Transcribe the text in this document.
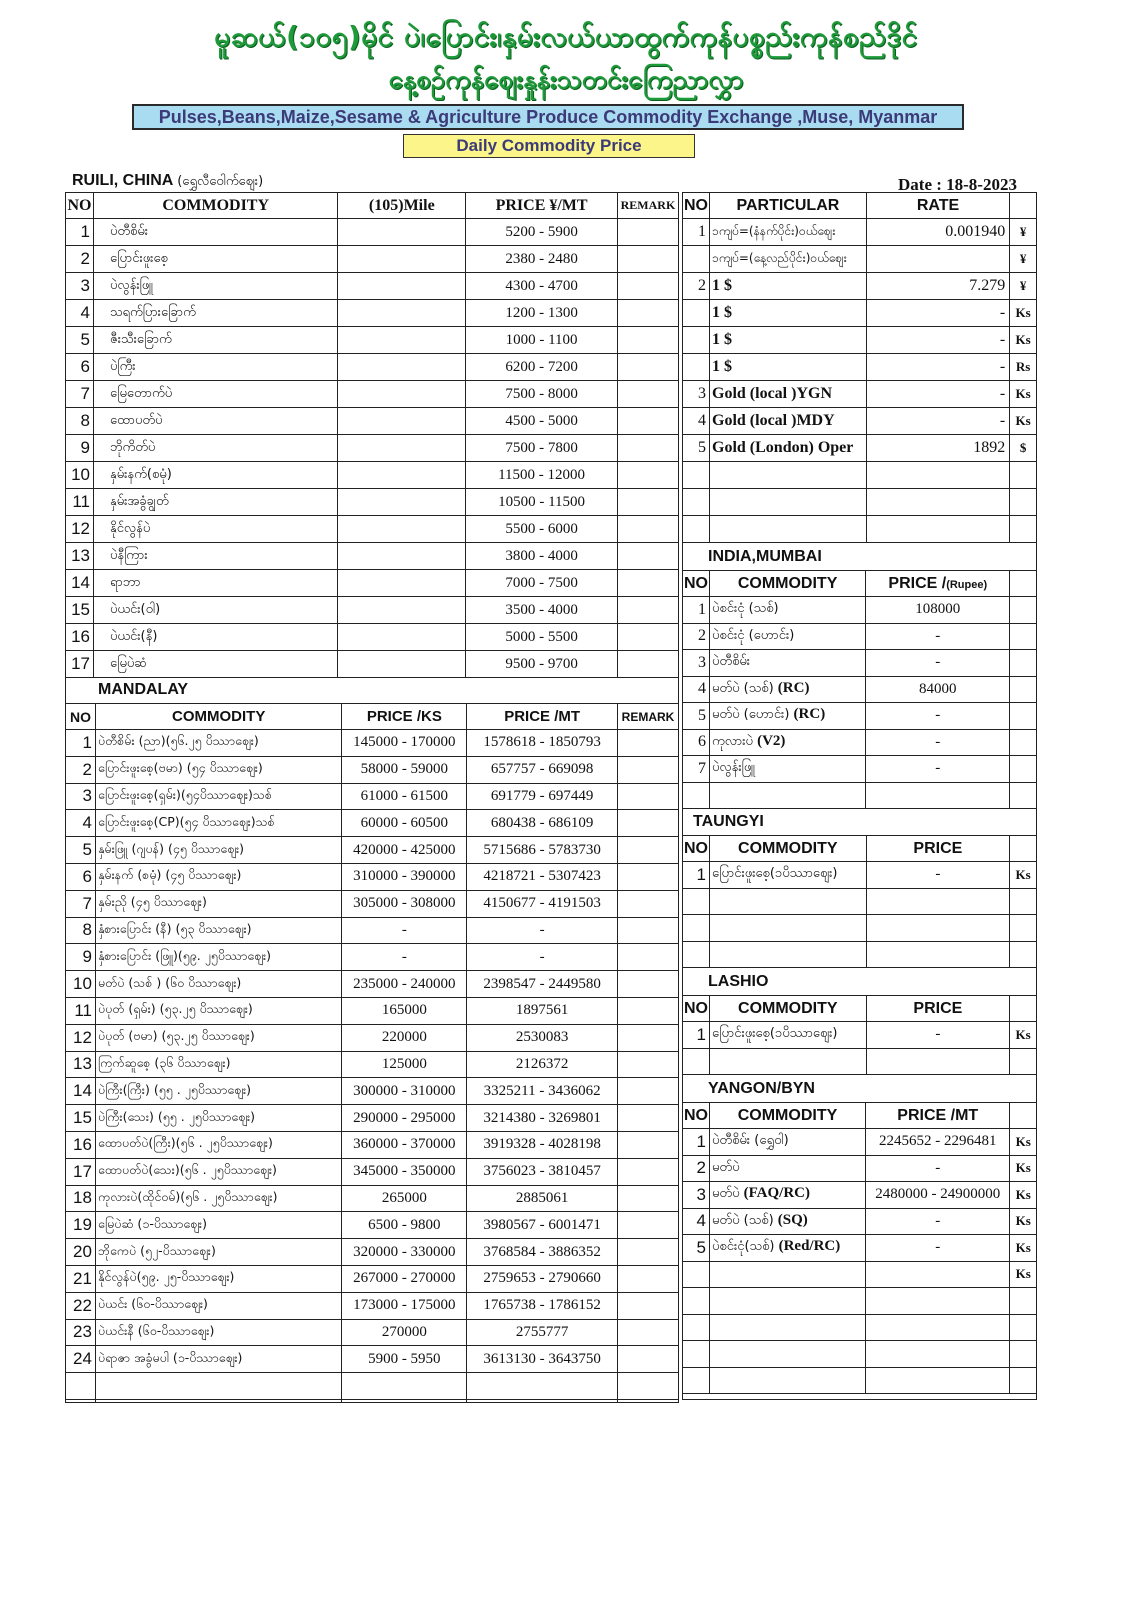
မူဆယ်(၁၀၅)မိုင် ပဲ၊ပြောင်း၊နှမ်းလယ်ယာထွက်ကုန်ပစ္စည်းကုန်စည်ဒိုင်
နေ့စဉ်ကုန်ဈေးနှုန်းသတင်းကြေညာလွှာ
Pulses,Beans,Maize,Sesame & Agriculture Produce Commodity Exchange ,Muse, Myanmar
Daily Commodity Price
RUILI, CHINA (ရွှေလီဝေါက်ဈေး)	Date : 18-8-2023
NO	COMMODITY	(105)Mile	PRICE ¥/MT	REMARK
1	ပဲတီစိမ်း		5200 - 5900	
2	ပြောင်းဖူးစေ့		2380 - 2480	
3	ပဲလွန်းဖြူ		4300 - 4700	
4	သရက်ပြားခြောက်		1200 - 1300	
5	ဇီးသီးခြောက်		1000 - 1100	
6	ပဲကြီး		6200 - 7200	
7	မြေတောက်ပဲ		7500 - 8000	
8	ထောပတ်ပဲ		4500 - 5000	
9	ဘိုကိတ်ပဲ		7500 - 7800	
10	နှမ်းနက်(စမုံ)		11500 - 12000	
11	နှမ်းအခွံချွတ်		10500 - 11500	
12	နိုင်လွန်ပဲ		5500 - 6000	
13	ပဲနီကြား		3800 - 4000	
14	ရာဘာ		7000 - 7500	
15	ပဲယင်း(ဝါ)		3500 - 4000	
16	ပဲယင်း(နီ)		5000 - 5500	
17	မြေပဲဆံ		9500 - 9700	
MANDALAY
NO	COMMODITY	PRICE /KS	PRICE /MT	REMARK
1	ပဲတီစိမ်း (ညာ)(၅၆.၂၅ ပိဿာဈေး)	145000 - 170000	1578618 - 1850793	
2	ပြောင်းဖူးစေ့(ဗမာ) (၅၄ ပိဿာဈေး)	58000 - 59000	657757 - 669098	
3	ပြောင်းဖူးစေ့(ရှမ်း)(၅၄ပိဿာဈေး)သစ်	61000 - 61500	691779 - 697449	
4	ပြောင်းဖူးစေ့(CP)(၅၄ ပိဿာဈေး)သစ်	60000 - 60500	680438 - 686109	
5	နှမ်းဖြူ (ဂျပန်) (၄၅ ပိဿာဈေး)	420000 - 425000	5715686 - 5783730	
6	နှမ်းနက် (စမုံ) (၄၅ ပိဿာဈေး)	310000 - 390000	4218721 - 5307423	
7	နှမ်းညို (၄၅ ပိဿာဈေး)	305000 - 308000	4150677 - 4191503	
8	နှံစားပြောင်း (နီ) (၅၃ ပိဿာဈေး)	-	-	
9	နှံစားပြောင်း (ဖြူ)(၅၉. ၂၅ပိဿာဈေး)	-	-	
10	မတ်ပဲ (သစ် ) (၆၀ ပိဿာဈေး)	235000 - 240000	2398547 - 2449580	
11	ပဲပုတ် (ရှမ်း) (၅၃.၂၅ ပိဿာဈေး)	165000	1897561	
12	ပဲပုတ် (ဗမာ) (၅၃.၂၅ ပိဿာဈေး)	220000	2530083	
13	ကြက်ဆူစေ့ (၃၆ ပိဿာဈေး)	125000	2126372	
14	ပဲကြီး(ကြီး) (၅၅ . ၂၅ပိဿာဈေး)	300000 - 310000	3325211 - 3436062	
15	ပဲကြီး(သေး) (၅၅ . ၂၅ပိဿာဈေး)	290000 - 295000	3214380 - 3269801	
16	ထောပတ်ပဲ(ကြီး)(၅၆ . ၂၅ပိဿာဈေး)	360000 - 370000	3919328 - 4028198	
17	ထောပတ်ပဲ(သေး)(၅၆ . ၂၅ပိဿာဈေး)	345000 - 350000	3756023 - 3810457	
18	ကုလားပဲ(ထိုင်ဝမ်)(၅၆ . ၂၅ပိဿာဈေး)	265000	2885061	
19	မြေပဲဆံ (၁-ပိဿာဈေး)	6500 - 9800	3980567 - 6001471	
20	ဘိုကေပဲ (၅၂-ပိဿာဈေး)	320000 - 330000	3768584 - 3886352	
21	နိုင်လွန်ပဲ(၅၉. ၂၅-ပိဿာဈေး)	267000 - 270000	2759653 - 2790660	
22	ပဲယင်း (၆၀-ပိဿာဈေး)	173000 - 175000	1765738 - 1786152	
23	ပဲယင်းနီ (၆၀-ပိဿာဈေး)	270000	2755777	
24	ပဲရာဇာ အခွံမပါ (၁-ပိဿာဈေး)	5900 - 5950	3613130 - 3643750	

NO	PARTICULAR	RATE	
1	၁ကျပ်=(နံနက်ပိုင်း)ဝယ်ဈေး	0.001940	¥
	၁ကျပ်=(နေ့လည်ပိုင်း)ဝယ်ဈေး		¥
2	1 $	7.279	¥
	1 $	-	Ks
	1 $	-	Ks
	1 $	-	Rs
3	Gold (local )YGN	-	Ks
4	Gold (local )MDY	-	Ks
5	Gold (London) Oper	1892	$

INDIA,MUMBAI
NO	COMMODITY	PRICE /(Rupee)	
1	ပဲစင်းငုံ (သစ်)	108000	
2	ပဲစင်းငုံ (ဟောင်း)	-	
3	ပဲတီစိမ်း	-	
4	မတ်ပဲ (သစ်) (RC)	84000	
5	မတ်ပဲ (ဟောင်း) (RC)	-	
6	ကုလားပဲ (V2)	-	
7	ပဲလွန်းဖြူ	-	

TAUNGYI
NO	COMMODITY	PRICE	
1	ပြောင်းဖူးစေ့(၁ပိဿာဈေး)	-	Ks

LASHIO
NO	COMMODITY	PRICE	
1	ပြောင်းဖူးစေ့(၁ပိဿာဈေး)	-	Ks

YANGON/BYN
NO	COMMODITY	PRICE /MT	
1	ပဲတီစိမ်း (ရွှေဝါ)	2245652 - 2296481	Ks
2	မတ်ပဲ	-	Ks
3	မတ်ပဲ (FAQ/RC)	2480000 - 24900000	Ks
4	မတ်ပဲ (သစ်) (SQ)	-	Ks
5	ပဲစင်းငုံ(သစ်) (Red/RC)	-	Ks
			Ks
